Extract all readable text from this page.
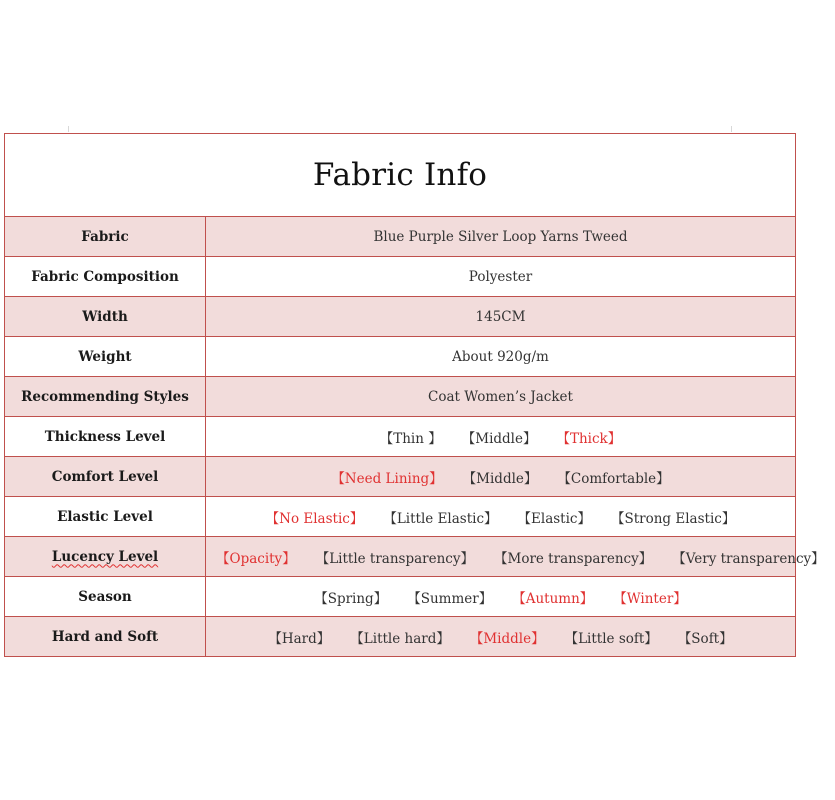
Fabric Info
Fabric	Blue Purple Silver Loop Yarns Tweed
Fabric Composition	Polyester
Width	145CM
Weight	About 920g/m
Recommending Styles	Coat Women’s Jacket
Thickness Level	【Thin 】 【Middle】 【Thick】
Comfort Level	【Need Lining】 【Middle】 【Comfortable】
Elastic Level	【No Elastic】 【Little Elastic】 【Elastic】 【Strong Elastic】
Lucency Level	【Opacity】 【Little transparency】 【More transparency】 【Very transparency】
Season	【Spring】 【Summer】 【Autumn】 【Winter】
Hard and Soft	【Hard】 【Little hard】 【Middle】 【Little soft】 【Soft】
